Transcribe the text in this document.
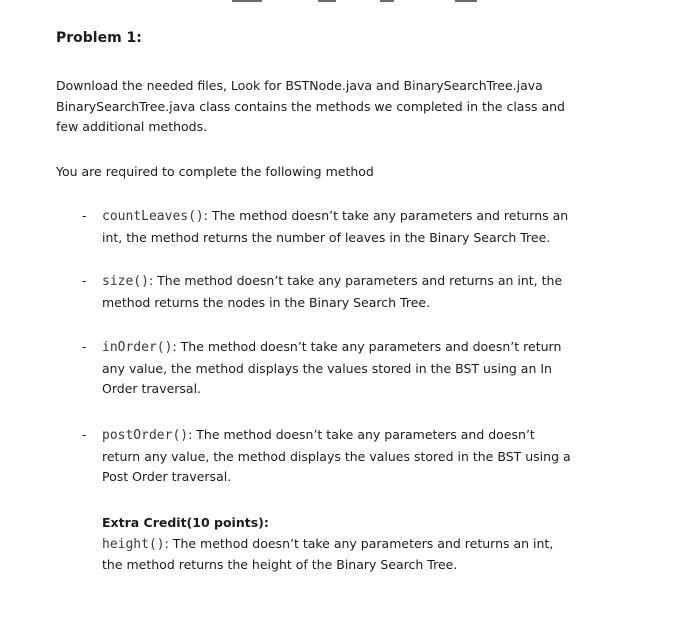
Problem 1:
Download the needed files, Look for BSTNode.java and BinarySearchTree.java
BinarySearchTree.java class contains the methods we completed in the class and
few additional methods.
You are required to complete the following method
- countLeaves(): The method doesn’t take any parameters and returns an
int, the method returns the number of leaves in the Binary Search Tree.
- size(): The method doesn’t take any parameters and returns an int, the
method returns the nodes in the Binary Search Tree.
- inOrder(): The method doesn’t take any parameters and doesn’t return
any value, the method displays the values stored in the BST using an In
Order traversal.
- postOrder(): The method doesn’t take any parameters and doesn’t
return any value, the method displays the values stored in the BST using a
Post Order traversal.
Extra Credit(10 points):
height(): The method doesn’t take any parameters and returns an int,
the method returns the height of the Binary Search Tree.
